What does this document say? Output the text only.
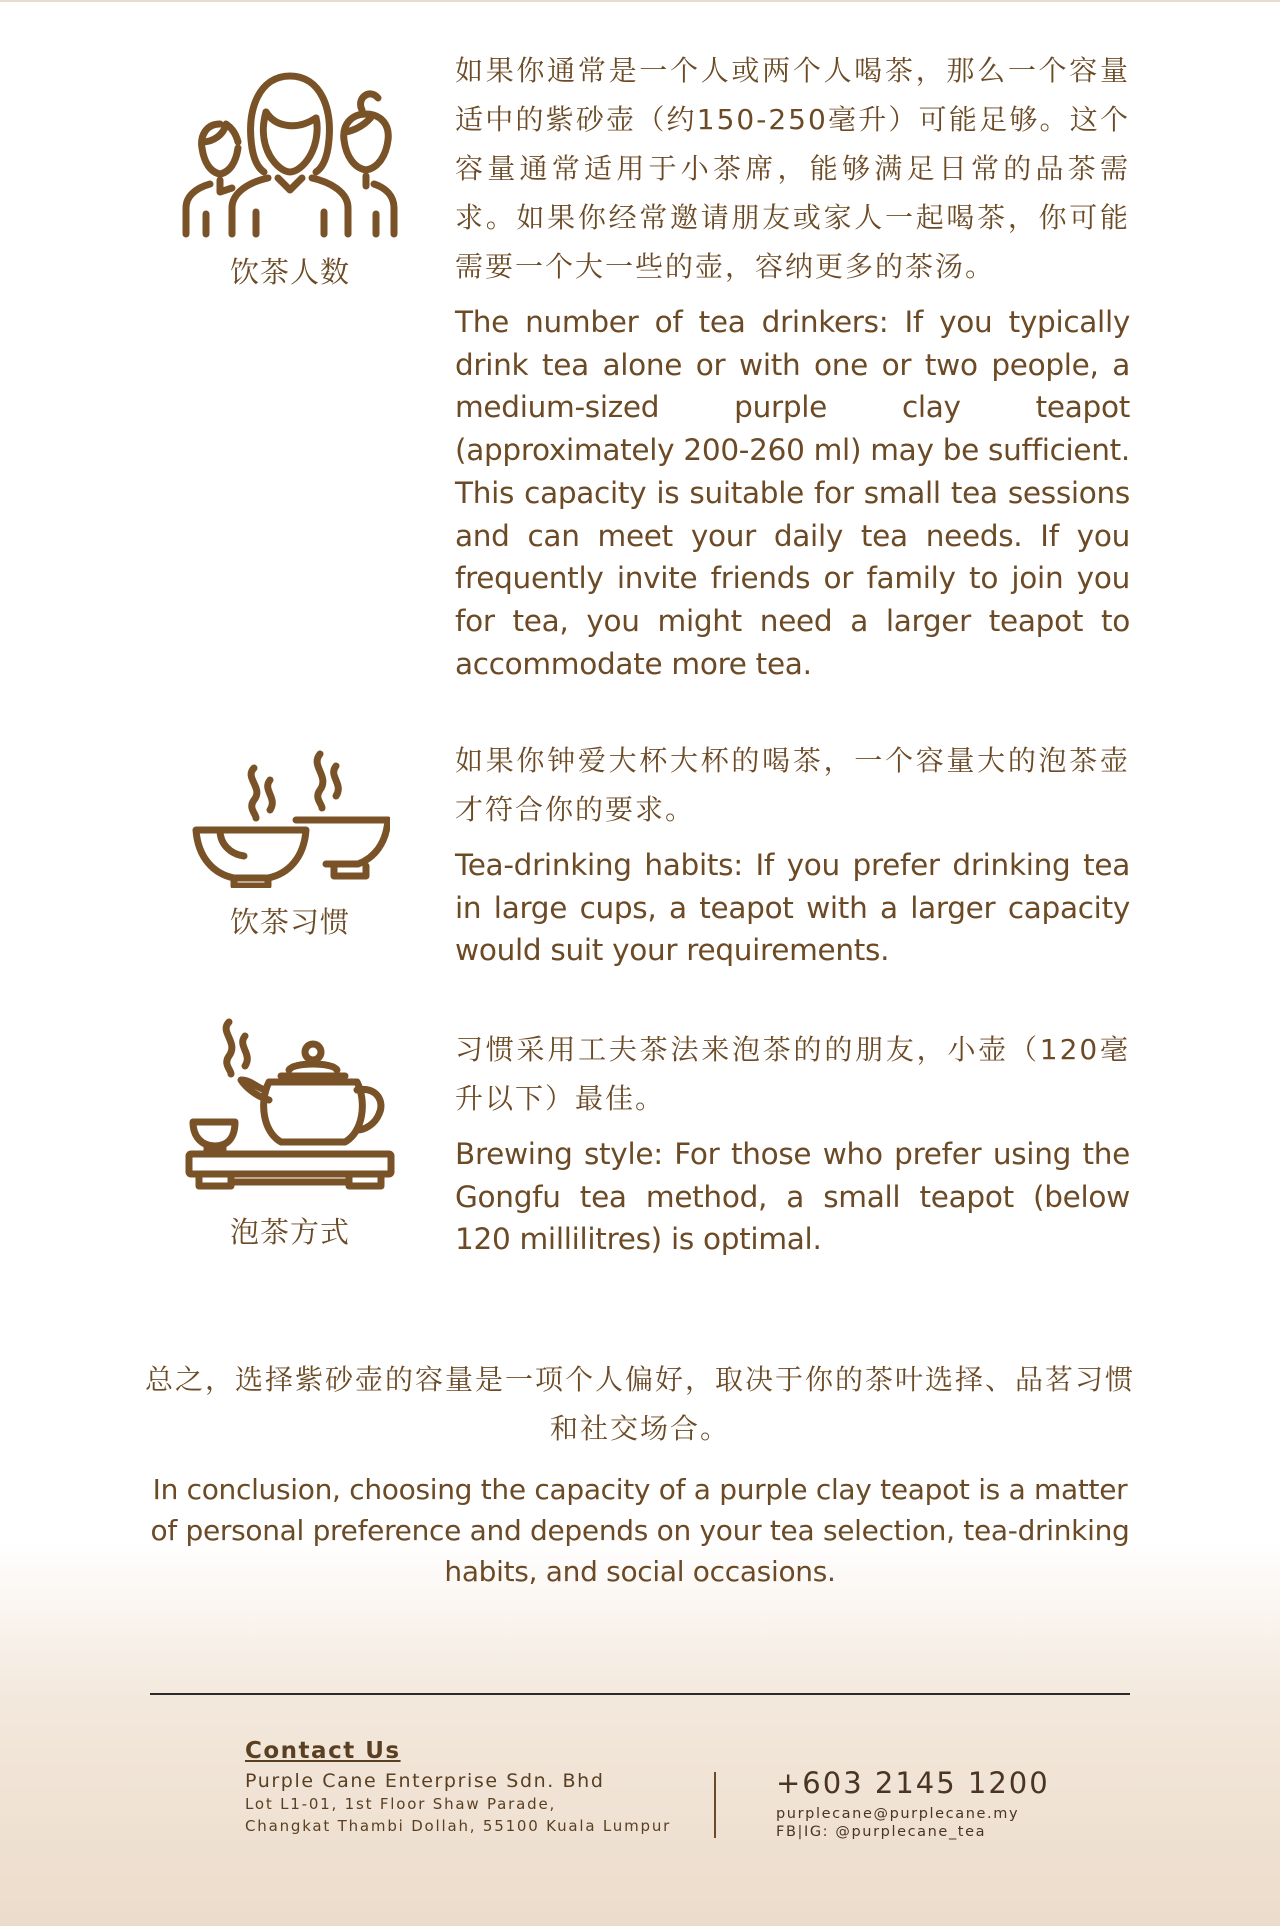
饮茶人数

如果你通常是一个人或两个人喝茶，那么一个容量适中的紫砂壶（约150-250毫升）可能足够。这个容量通常适用于小茶席，能够满足日常的品茶需求。如果你经常邀请朋友或家人一起喝茶，你可能需要一个大一些的壶，容纳更多的茶汤。

The number of tea drinkers: If you typically drink tea alone or with one or two people, a medium-sized purple clay teapot (approximately 200-260 ml) may be sufficient. This capacity is suitable for small tea sessions and can meet your daily tea needs. If you frequently invite friends or family to join you for tea, you might need a larger teapot to accommodate more tea.

饮茶习惯

如果你钟爱大杯大杯的喝茶，一个容量大的泡茶壶才符合你的要求。

Tea-drinking habits: If you prefer drinking tea in large cups, a teapot with a larger capacity would suit your requirements.

泡茶方式

习惯采用工夫茶法来泡茶的的朋友，小壶（120毫升以下）最佳。

Brewing style: For those who prefer using the Gongfu tea method, a small teapot (below 120 millilitres) is optimal.

总之，选择紫砂壶的容量是一项个人偏好，取决于你的茶叶选择、品茗习惯和社交场合。

In conclusion, choosing the capacity of a purple clay teapot is a matter of personal preference and depends on your tea selection, tea-drinking habits, and social occasions.

Contact Us

Purple Cane Enterprise Sdn. Bhd

Lot L1-01, 1st Floor Shaw Parade,

Changkat Thambi Dollah, 55100 Kuala Lumpur

+603 2145 1200

purplecane@purplecane.my

FB|IG: @purplecane_tea
